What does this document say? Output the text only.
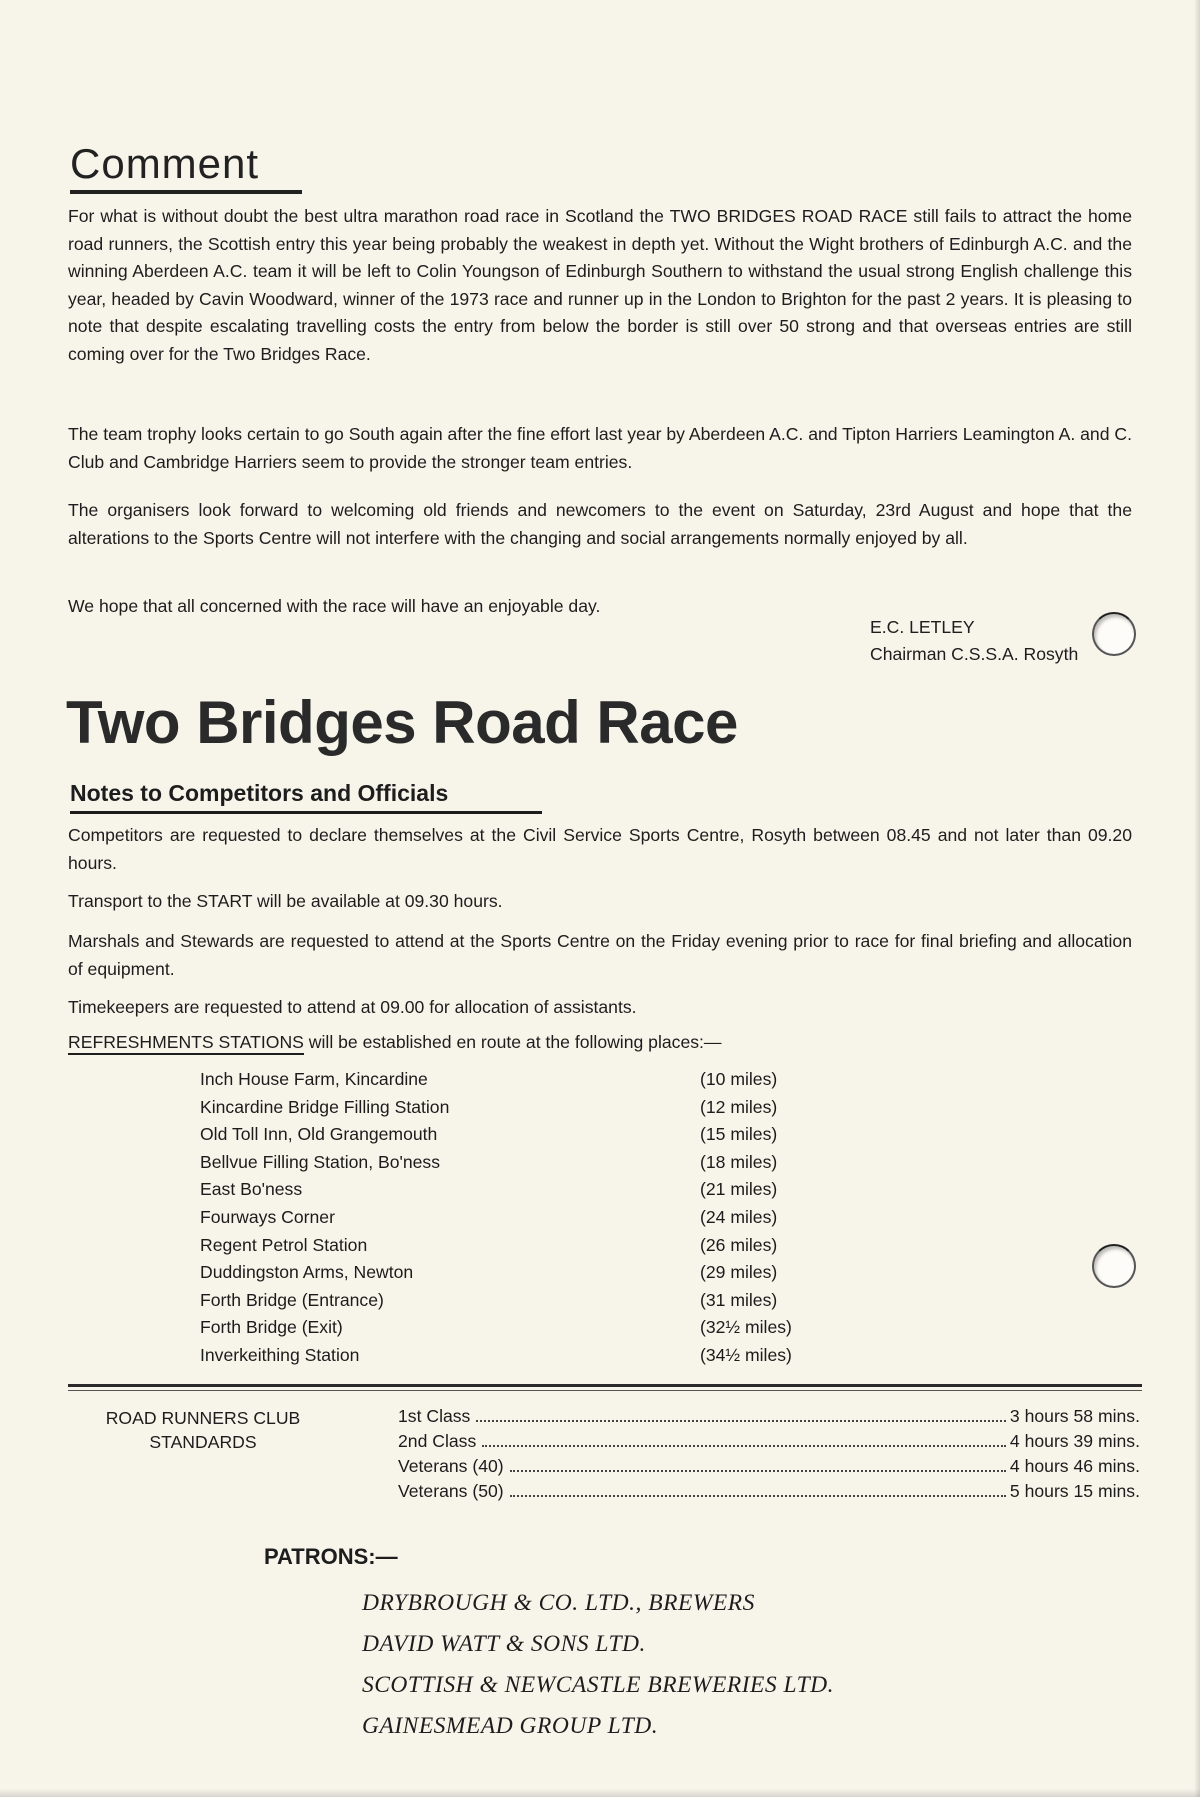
Comment

For what is without doubt the best ultra marathon road race in Scotland the TWO BRIDGES ROAD RACE still fails to attract the home road runners, the Scottish entry this year being probably the weakest in depth yet. Without the Wight brothers of Edinburgh A.C. and the winning Aberdeen A.C. team it will be left to Colin Youngson of Edinburgh Southern to withstand the usual strong English challenge this year, headed by Cavin Woodward, winner of the 1973 race and runner up in the London to Brighton for the past 2 years. It is pleasing to note that despite escalating travelling costs the entry from below the border is still over 50 strong and that overseas entries are still coming over for the Two Bridges Race.

The team trophy looks certain to go South again after the fine effort last year by Aberdeen A.C. and Tipton Harriers Leamington A. and C. Club and Cambridge Harriers seem to provide the stronger team entries.

The organisers look forward to welcoming old friends and newcomers to the event on Saturday, 23rd August and hope that the alterations to the Sports Centre will not interfere with the changing and social arrangements normally enjoyed by all.

We hope that all concerned with the race will have an enjoyable day.

E.C. LETLEY

Chairman C.S.S.A. Rosyth

Two Bridges Road Race
Notes to Competitors and Officials

Competitors are requested to declare themselves at the Civil Service Sports Centre, Rosyth between 08.45 and not later than 09.20 hours.

Transport to the START will be available at 09.30 hours.

Marshals and Stewards are requested to attend at the Sports Centre on the Friday evening prior to race for final briefing and allocation of equipment.

Timekeepers are requested to attend at 09.00 for allocation of assistants.

REFRESHMENTS STATIONS will be established en route at the following places:—

Inch House Farm, Kincardine	(10 miles)
Kincardine Bridge Filling Station	(12 miles)
Old Toll Inn, Old Grangemouth	(15 miles)
Bellvue Filling Station, Bo'ness	(18 miles)
East Bo'ness	(21 miles)
Fourways Corner	(24 miles)
Regent Petrol Station	(26 miles)
Duddingston Arms, Newton	(29 miles)
Forth Bridge (Entrance)	(31 miles)
Forth Bridge (Exit)	(32½ miles)
Inverkeithing Station	(34½ miles)

ROAD RUNNERS CLUB
STANDARDS

1st Class	3 hours 58 mins.
2nd Class	4 hours 39 mins.
Veterans (40)	4 hours 46 mins.
Veterans (50)	5 hours 15 mins.
PATRONS:—

DRYBROUGH & CO. LTD., BREWERS

DAVID WATT & SONS LTD.

SCOTTISH & NEWCASTLE BREWERIES LTD.

GAINESMEAD GROUP LTD.
